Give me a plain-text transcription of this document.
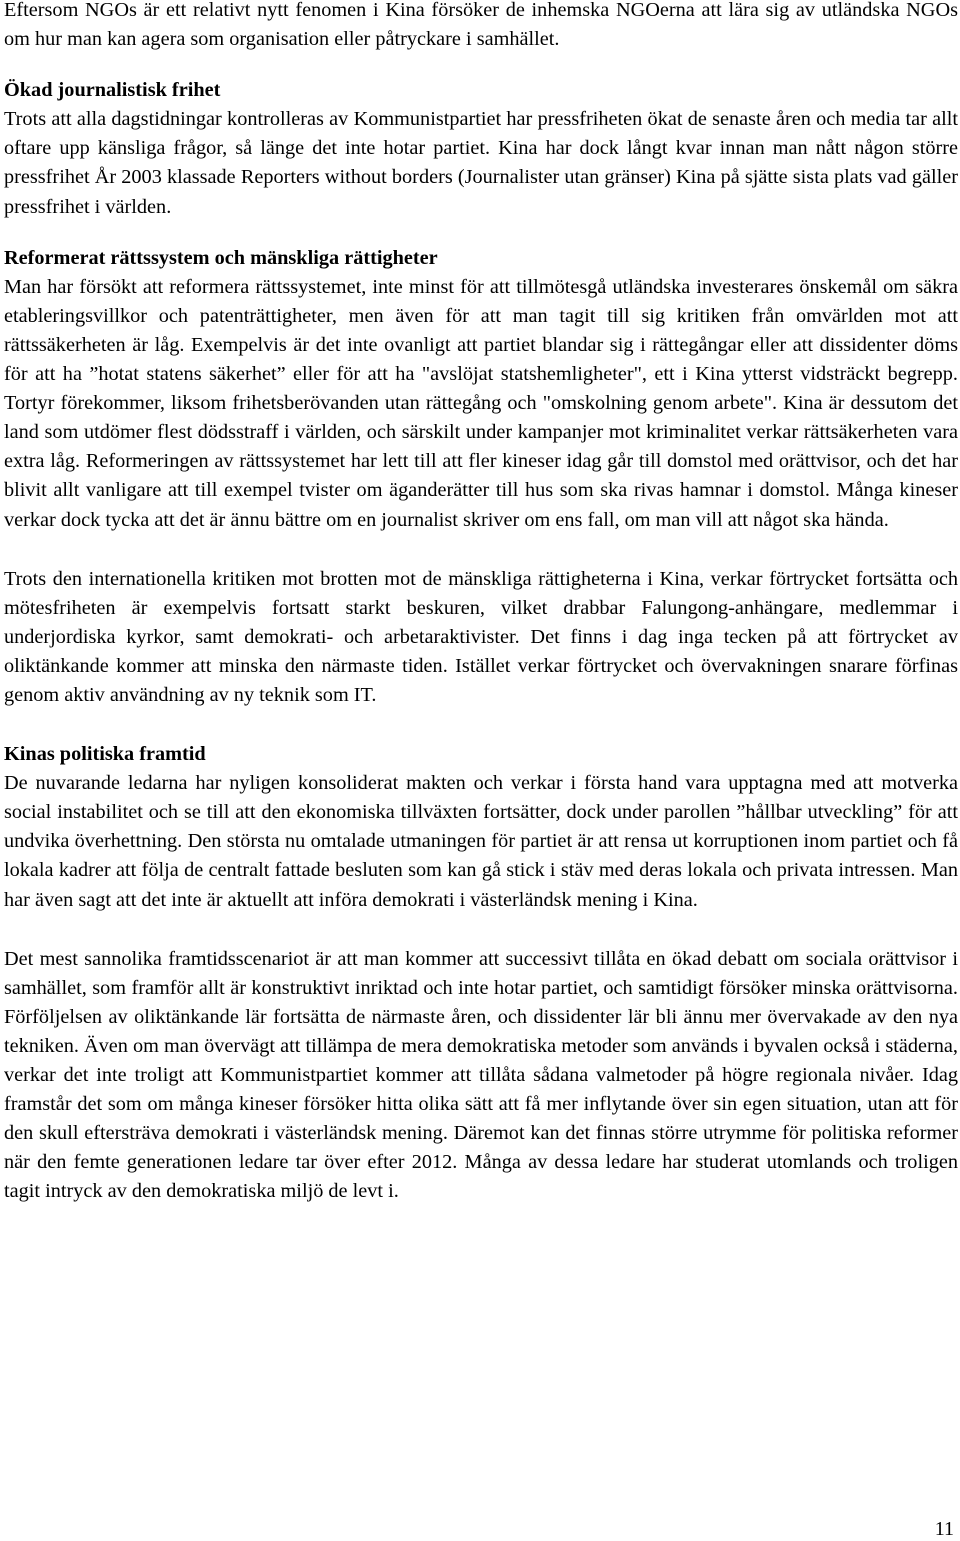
Eftersom NGOs är ett relativt nytt fenomen i Kina försöker de inhemska NGOerna att lära sig av utländska NGOs om hur man kan agera som organisation eller påtryckare i samhället.

Ökad journalistisk frihet

Trots att alla dagstidningar kontrolleras av Kommunistpartiet har pressfriheten ökat de senaste åren och media tar allt oftare upp känsliga frågor, så länge det inte hotar partiet. Kina har dock långt kvar innan man nått någon större pressfrihet År 2003 klassade Reporters without borders (Journalister utan gränser) Kina på sjätte sista plats vad gäller pressfrihet i världen.

Reformerat rättssystem och mänskliga rättigheter

Man har försökt att reformera rättssystemet, inte minst för att tillmötesgå utländska investerares önskemål om säkra etableringsvillkor och patenträttigheter, men även för att man tagit till sig kritiken från omvärlden mot att rättssäkerheten är låg. Exempelvis är det inte ovanligt att partiet blandar sig i rättegångar eller att dissidenter döms för att ha ”hotat statens säkerhet” eller för att ha "avslöjat statshemligheter", ett i Kina ytterst vidsträckt begrepp. Tortyr förekommer, liksom frihetsberövanden utan rättegång och "omskolning genom arbete". Kina är dessutom det land som utdömer flest dödsstraff i världen, och särskilt under kampanjer mot kriminalitet verkar rättsäkerheten vara extra låg. Reformeringen av rättssystemet har lett till att fler kineser idag går till domstol med orättvisor, och det har blivit allt vanligare att till exempel tvister om äganderätter till hus som ska rivas hamnar i domstol. Många kineser verkar dock tycka att det är ännu bättre om en journalist skriver om ens fall, om man vill att något ska hända.

Trots den internationella kritiken mot brotten mot de mänskliga rättigheterna i Kina, verkar förtrycket fortsätta och mötesfriheten är exempelvis fortsatt starkt beskuren, vilket drabbar Falungong-anhängare, medlemmar i underjordiska kyrkor, samt demokrati- och arbetaraktivister. Det finns i dag inga tecken på att förtrycket av oliktänkande kommer att minska den närmaste tiden. Istället verkar förtrycket och övervakningen snarare förfinas genom aktiv användning av ny teknik som IT.

Kinas politiska framtid

De nuvarande ledarna har nyligen konsoliderat makten och verkar i första hand vara upptagna med att motverka social instabilitet och se till att den ekonomiska tillväxten fortsätter, dock under parollen ”hållbar utveckling” för att undvika överhettning. Den största nu omtalade utmaningen för partiet är att rensa ut korruptionen inom partiet och få lokala kadrer att följa de centralt fattade besluten som kan gå stick i stäv med deras lokala och privata intressen. Man har även sagt att det inte är aktuellt att införa demokrati i västerländsk mening i Kina.

Det mest sannolika framtidsscenariot är att man kommer att successivt tillåta en ökad debatt om sociala orättvisor i samhället, som framför allt är konstruktivt inriktad och inte hotar partiet, och samtidigt försöker minska orättvisorna. Förföljelsen av oliktänkande lär fortsätta de närmaste åren, och dissidenter lär bli ännu mer övervakade av den nya tekniken. Även om man övervägt att tillämpa de mera demokratiska metoder som används i byvalen också i städerna, verkar det inte troligt att Kommunistpartiet kommer att tillåta sådana valmetoder på högre regionala nivåer. Idag framstår det som om många kineser försöker hitta olika sätt att få mer inflytande över sin egen situation, utan att för den skull eftersträva demokrati i västerländsk mening. Däremot kan det finnas större utrymme för politiska reformer när den femte generationen ledare tar över efter 2012. Många av dessa ledare har studerat utomlands och troligen tagit intryck av den demokratiska miljö de levt i.

11
